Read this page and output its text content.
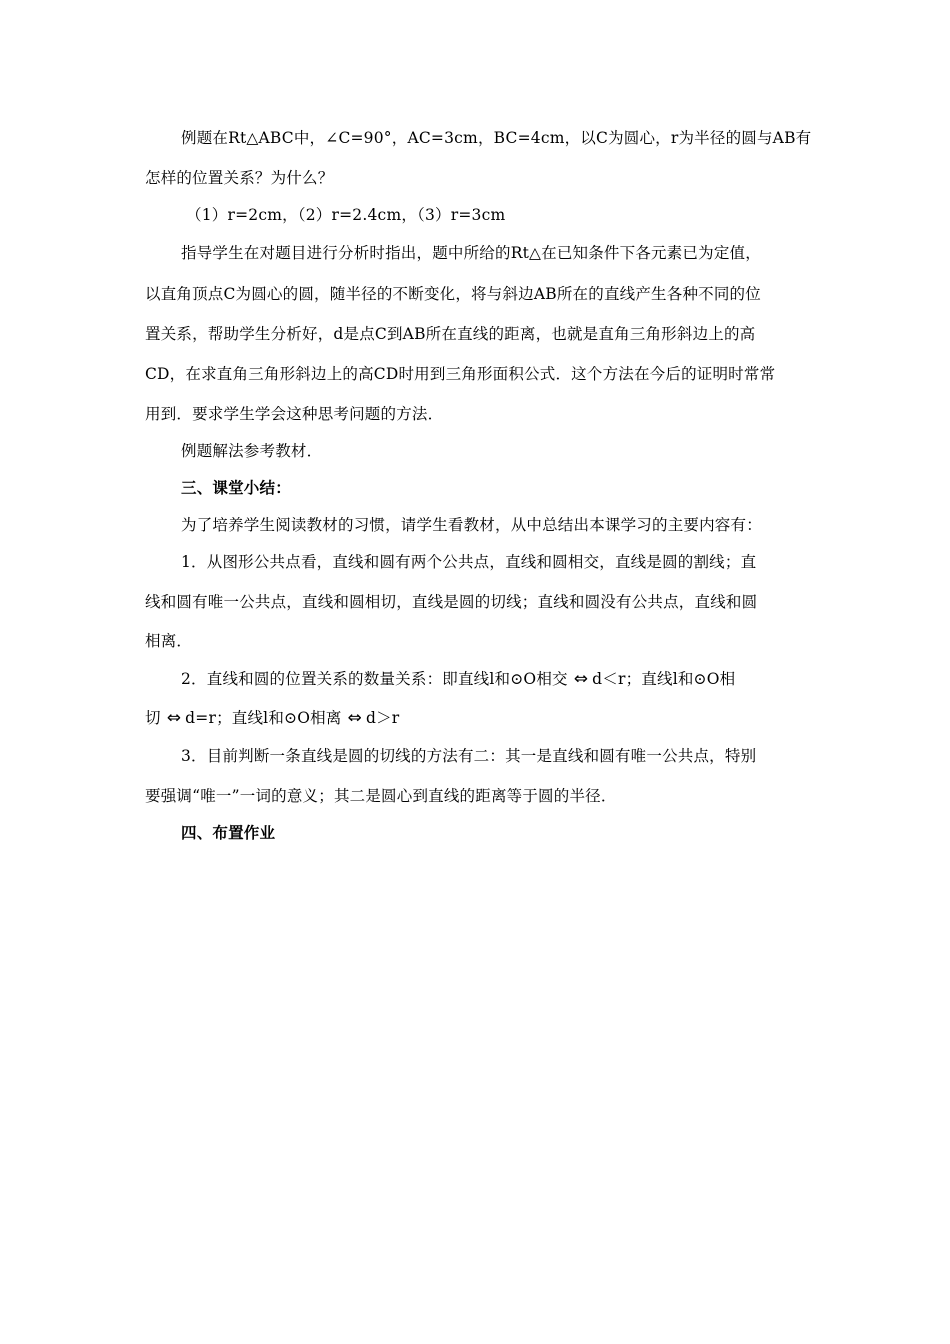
例题在Rt△ABC中，∠C=90°，AC=3cm，BC=4cm，以C为圆心，r为半径的圆与AB有
怎样的位置关系？为什么？
（1）r=2cm，（2）r=2.4cm，（3）r=3cm
指导学生在对题目进行分析时指出，题中所给的Rt△在已知条件下各元素已为定值，
以直角顶点C为圆心的圆，随半径的不断变化，将与斜边AB所在的直线产生各种不同的位
置关系，帮助学生分析好，d是点C到AB所在直线的距离，也就是直角三角形斜边上的高
CD，在求直角三角形斜边上的高CD时用到三角形面积公式．这个方法在今后的证明时常常
用到．要求学生学会这种思考问题的方法．
例题解法参考教材．
三、课堂小结：
为了培养学生阅读教材的习惯，请学生看教材，从中总结出本课学习的主要内容有：
1．从图形公共点看，直线和圆有两个公共点，直线和圆相交，直线是圆的割线；直
线和圆有唯一公共点，直线和圆相切，直线是圆的切线；直线和圆没有公共点，直线和圆
相离．
2．直线和圆的位置关系的数量关系：即直线l和⊙O相交 ⇔ d＜r；直线l和⊙O相
切 ⇔ d=r；直线l和⊙O相离 ⇔ d＞r
3．目前判断一条直线是圆的切线的方法有二：其一是直线和圆有唯一公共点，特别
要强调“唯一”一词的意义；其二是圆心到直线的距离等于圆的半径．
四、布置作业
